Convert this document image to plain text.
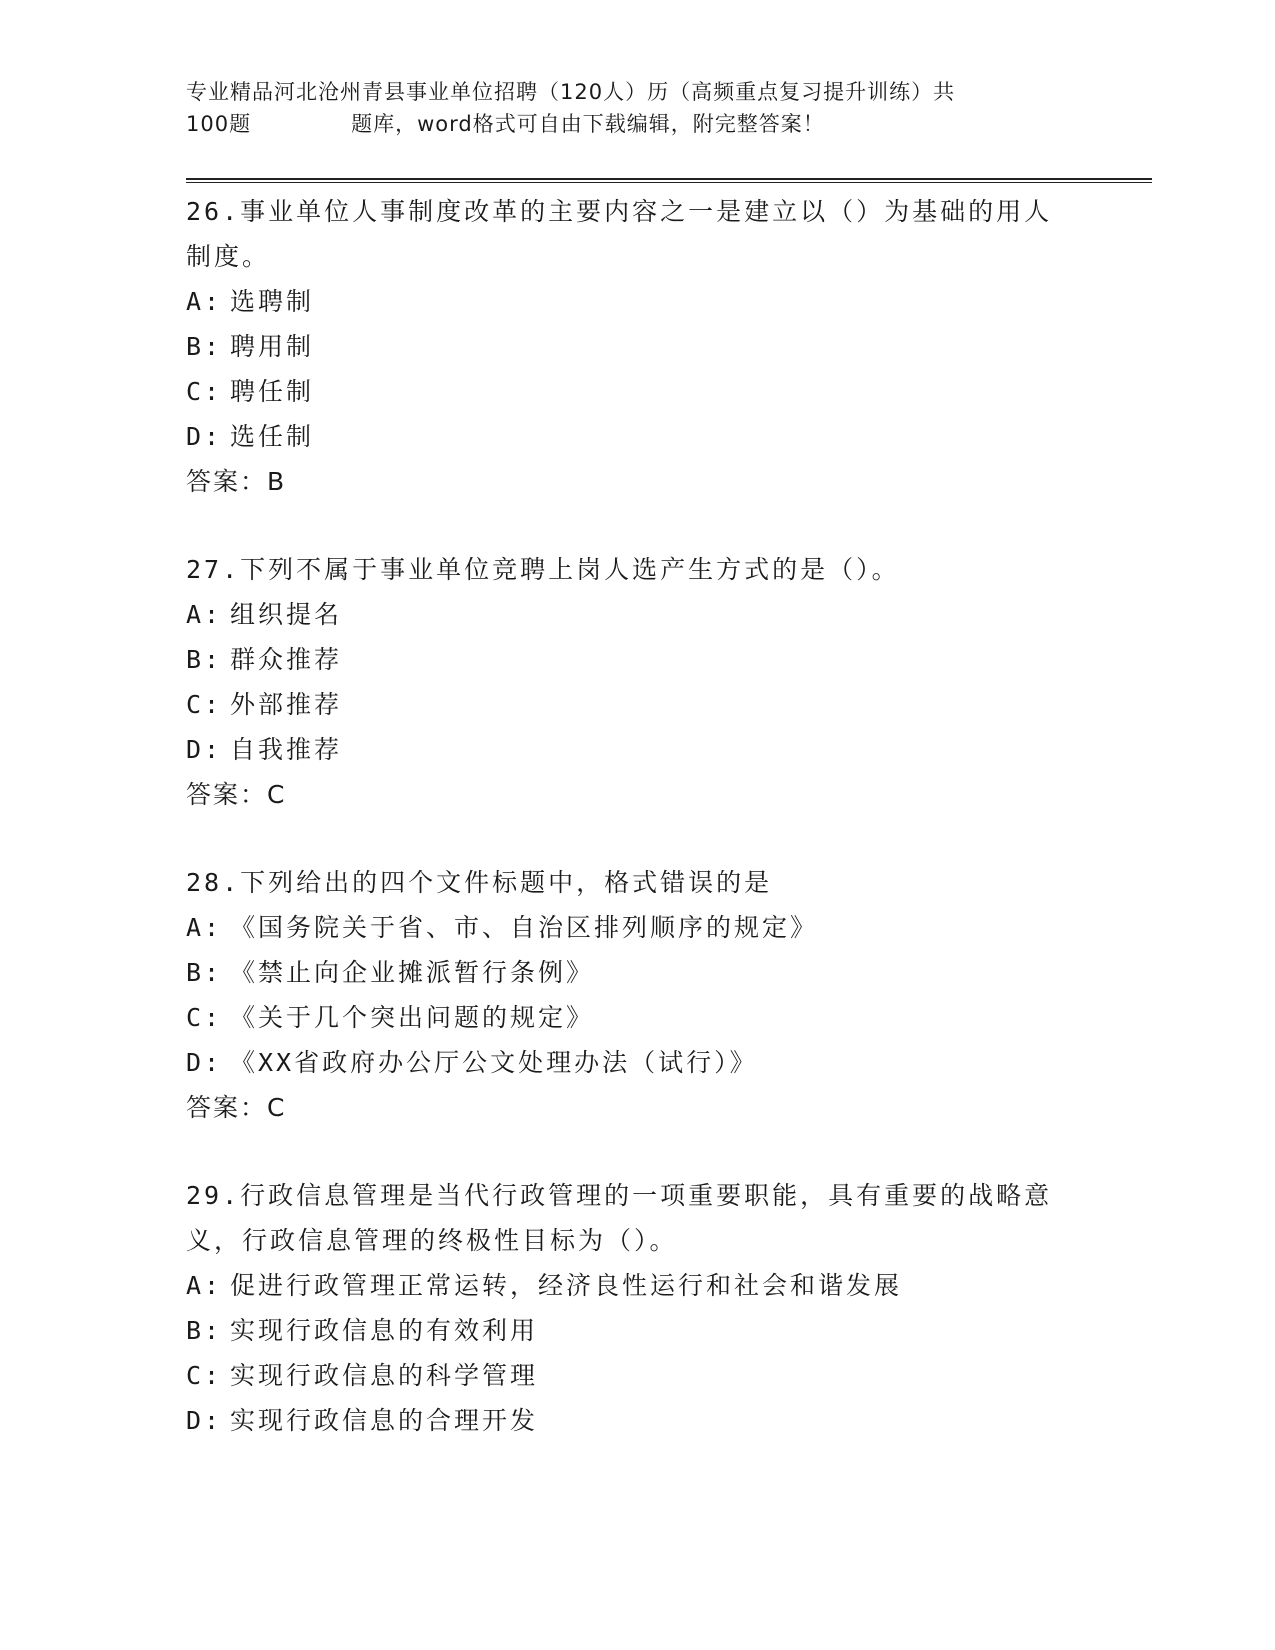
专业精品河北沧州青县事业单位招聘（120人）历（高频重点复习提升训练）共
100题	题库，word格式可自由下载编辑，附完整答案！
26.事业单位人事制度改革的主要内容之一是建立以（）为基础的用人制度。
A: 选聘制
B: 聘用制
C: 聘任制
D: 选任制
答案：B
27.下列不属于事业单位竞聘上岗人选产生方式的是（）。
A: 组织提名
B: 群众推荐
C: 外部推荐
D: 自我推荐
答案：C
28.下列给出的四个文件标题中，格式错误的是
A: 《国务院关于省、市、自治区排列顺序的规定》
B: 《禁止向企业摊派暂行条例》
C: 《关于几个突出问题的规定》
D: 《XX省政府办公厅公文处理办法（试行）》
答案：C
29.行政信息管理是当代行政管理的一项重要职能，具有重要的战略意义，行政信息管理的终极性目标为（）。
A: 促进行政管理正常运转，经济良性运行和社会和谐发展
B: 实现行政信息的有效利用
C: 实现行政信息的科学管理
D: 实现行政信息的合理开发
